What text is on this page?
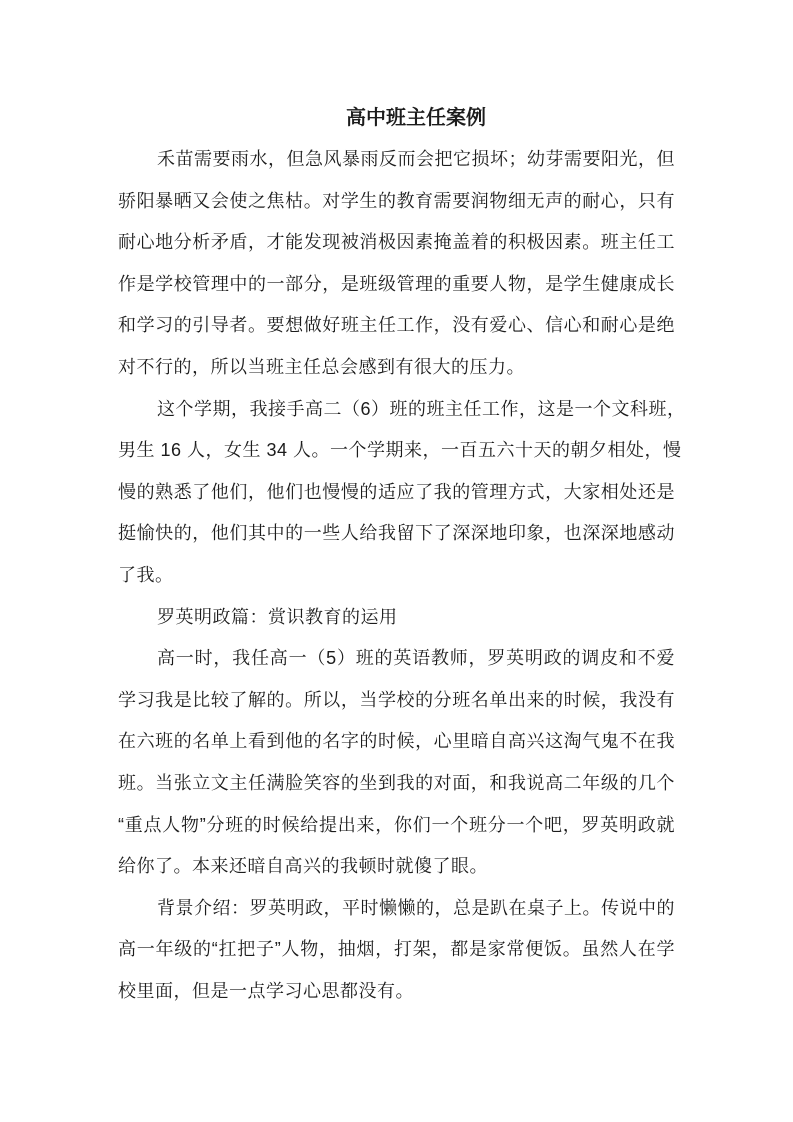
高中班主任案例
禾苗需要雨水，但急风暴雨反而会把它损坏；幼芽需要阳光，但
骄阳暴晒又会使之焦枯。对学生的教育需要润物细无声的耐心，只有
耐心地分析矛盾，才能发现被消极因素掩盖着的积极因素。班主任工
作是学校管理中的一部分，是班级管理的重要人物，是学生健康成长
和学习的引导者。要想做好班主任工作，没有爱心、信心和耐心是绝
对不行的，所以当班主任总会感到有很大的压力。
这个学期，我接手高二（6）班的班主任工作，这是一个文科班，
男生 16 人，女生 34 人。一个学期来，一百五六十天的朝夕相处，慢
慢的熟悉了他们，他们也慢慢的适应了我的管理方式，大家相处还是
挺愉快的，他们其中的一些人给我留下了深深地印象，也深深地感动
了我。
罗英明政篇：赏识教育的运用
高一时，我任高一（5）班的英语教师，罗英明政的调皮和不爱
学习我是比较了解的。所以，当学校的分班名单出来的时候，我没有
在六班的名单上看到他的名字的时候，心里暗自高兴这淘气鬼不在我
班。当张立文主任满脸笑容的坐到我的对面，和我说高二年级的几个
“重点人物”分班的时候给提出来，你们一个班分一个吧，罗英明政就
给你了。本来还暗自高兴的我顿时就傻了眼。
背景介绍：罗英明政，平时懒懒的，总是趴在桌子上。传说中的
高一年级的“扛把子”人物，抽烟，打架，都是家常便饭。虽然人在学
校里面，但是一点学习心思都没有。
